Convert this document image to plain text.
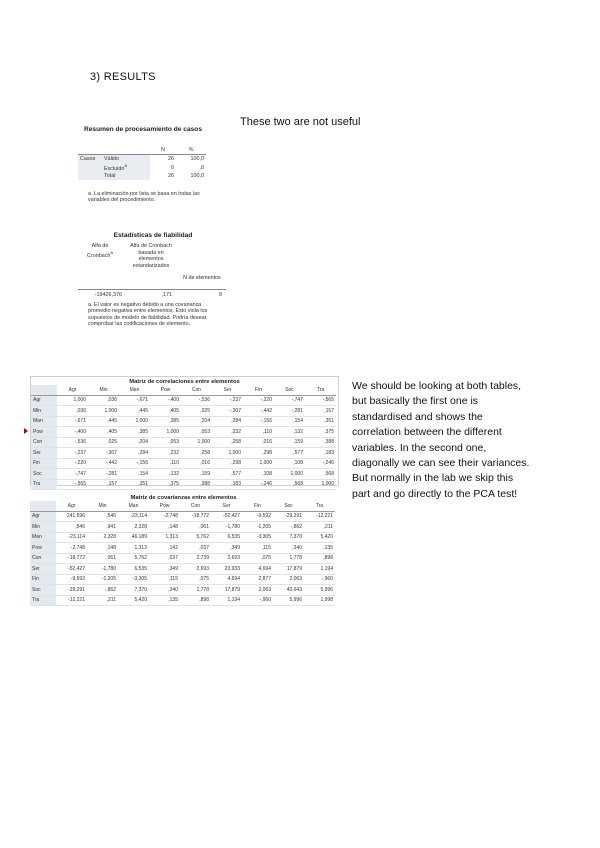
3) RESULTS
These two are not useful
We should be looking at both tables, but basically the first one is standardised and shows the correlation between the different variables. In the second one, diagonally we can see their variances. But normally in the lab we skip this part and go directly to the PCA test!
Resumen de procesamiento de casos
		N	%
Casos	Válido	26	100,0
	Excluido$^a$	0	,0
	Total	26	100,0
a. La eliminación por lista se basa en todas las variables del procedimiento.
Estadísticas de fiabilidad
Alfa de Cronbach$^a$
Alfa de Cronbach basada en elementos estandarizados
N de elementos
-19426,376	,171	9
a. El valor es negativo debido a una covarianza promedio negativa entre elementos. Esto viola los supuestos de modelo de fiabilidad. Podría desear comprobar las codificaciones de elemento.
Matriz de correlaciones entre elementos
	Agr	Min	Man	Pow	Con	Ser	Fin	Soc	Tra
Agr	1,000	,036	-,671	-,400	-,536	-,237	-,220	-,747	-,565
Min	,036	1,000	,445	,405	,025	-,307	-,442	-,281	,157
Man	-,671	,445	1,000	,385	,204	,284	-,156	,154	,351
Pow	-,400	,405	,385	1,000	,053	,232	,110	,132	,375
Con	-,536	,025	,204	,053	1,000	,258	,016	,159	,388
Ser	-,237	-,307	,284	,232	,258	1,000	,298	,577	,183
Fin	-,220	-,442	-,156	,110	,016	,298	1,000	,108	-,246
Soc	-,747	-,281	,154	,132	,159	,577	,108	1,000	,568
Tra	-,565	,157	,351	,375	,388	,183	-,246	,568	1,000
Matriz de covarianzas entre elementos
	Agr	Min	Man	Pow	Con	Ser	Fin	Soc	Tra
Agr	241,596	,546	-23,114	-2,748	-18,772	-52,427	-9,592	-29,291	-12,221
Min	,546	,941	2,328	,148	,061	-1,780	-1,205	-,862	,211
Man	-23,114	2,328	46,189	1,313	5,762	6,535	-3,305	7,370	5,420
Pow	-2,748	,148	1,313	,142	,037	,349	,115	,340	,135
Con	-18,772	,061	5,762	,037	2,739	2,693	,075	1,778	,898
Ser	-52,427	-1,780	6,535	,349	2,693	23,933	4,694	17,879	1,194
Fin	-9,592	-1,205	-3,305	,115	,075	4,694	2,877	2,063	-,960
Soc	-29,291	-,862	7,370	,340	1,778	17,879	2,063	40,643	5,996
Tra	-12,221	,211	5,420	,135	,898	1,194	-,960	5,996	1,998
